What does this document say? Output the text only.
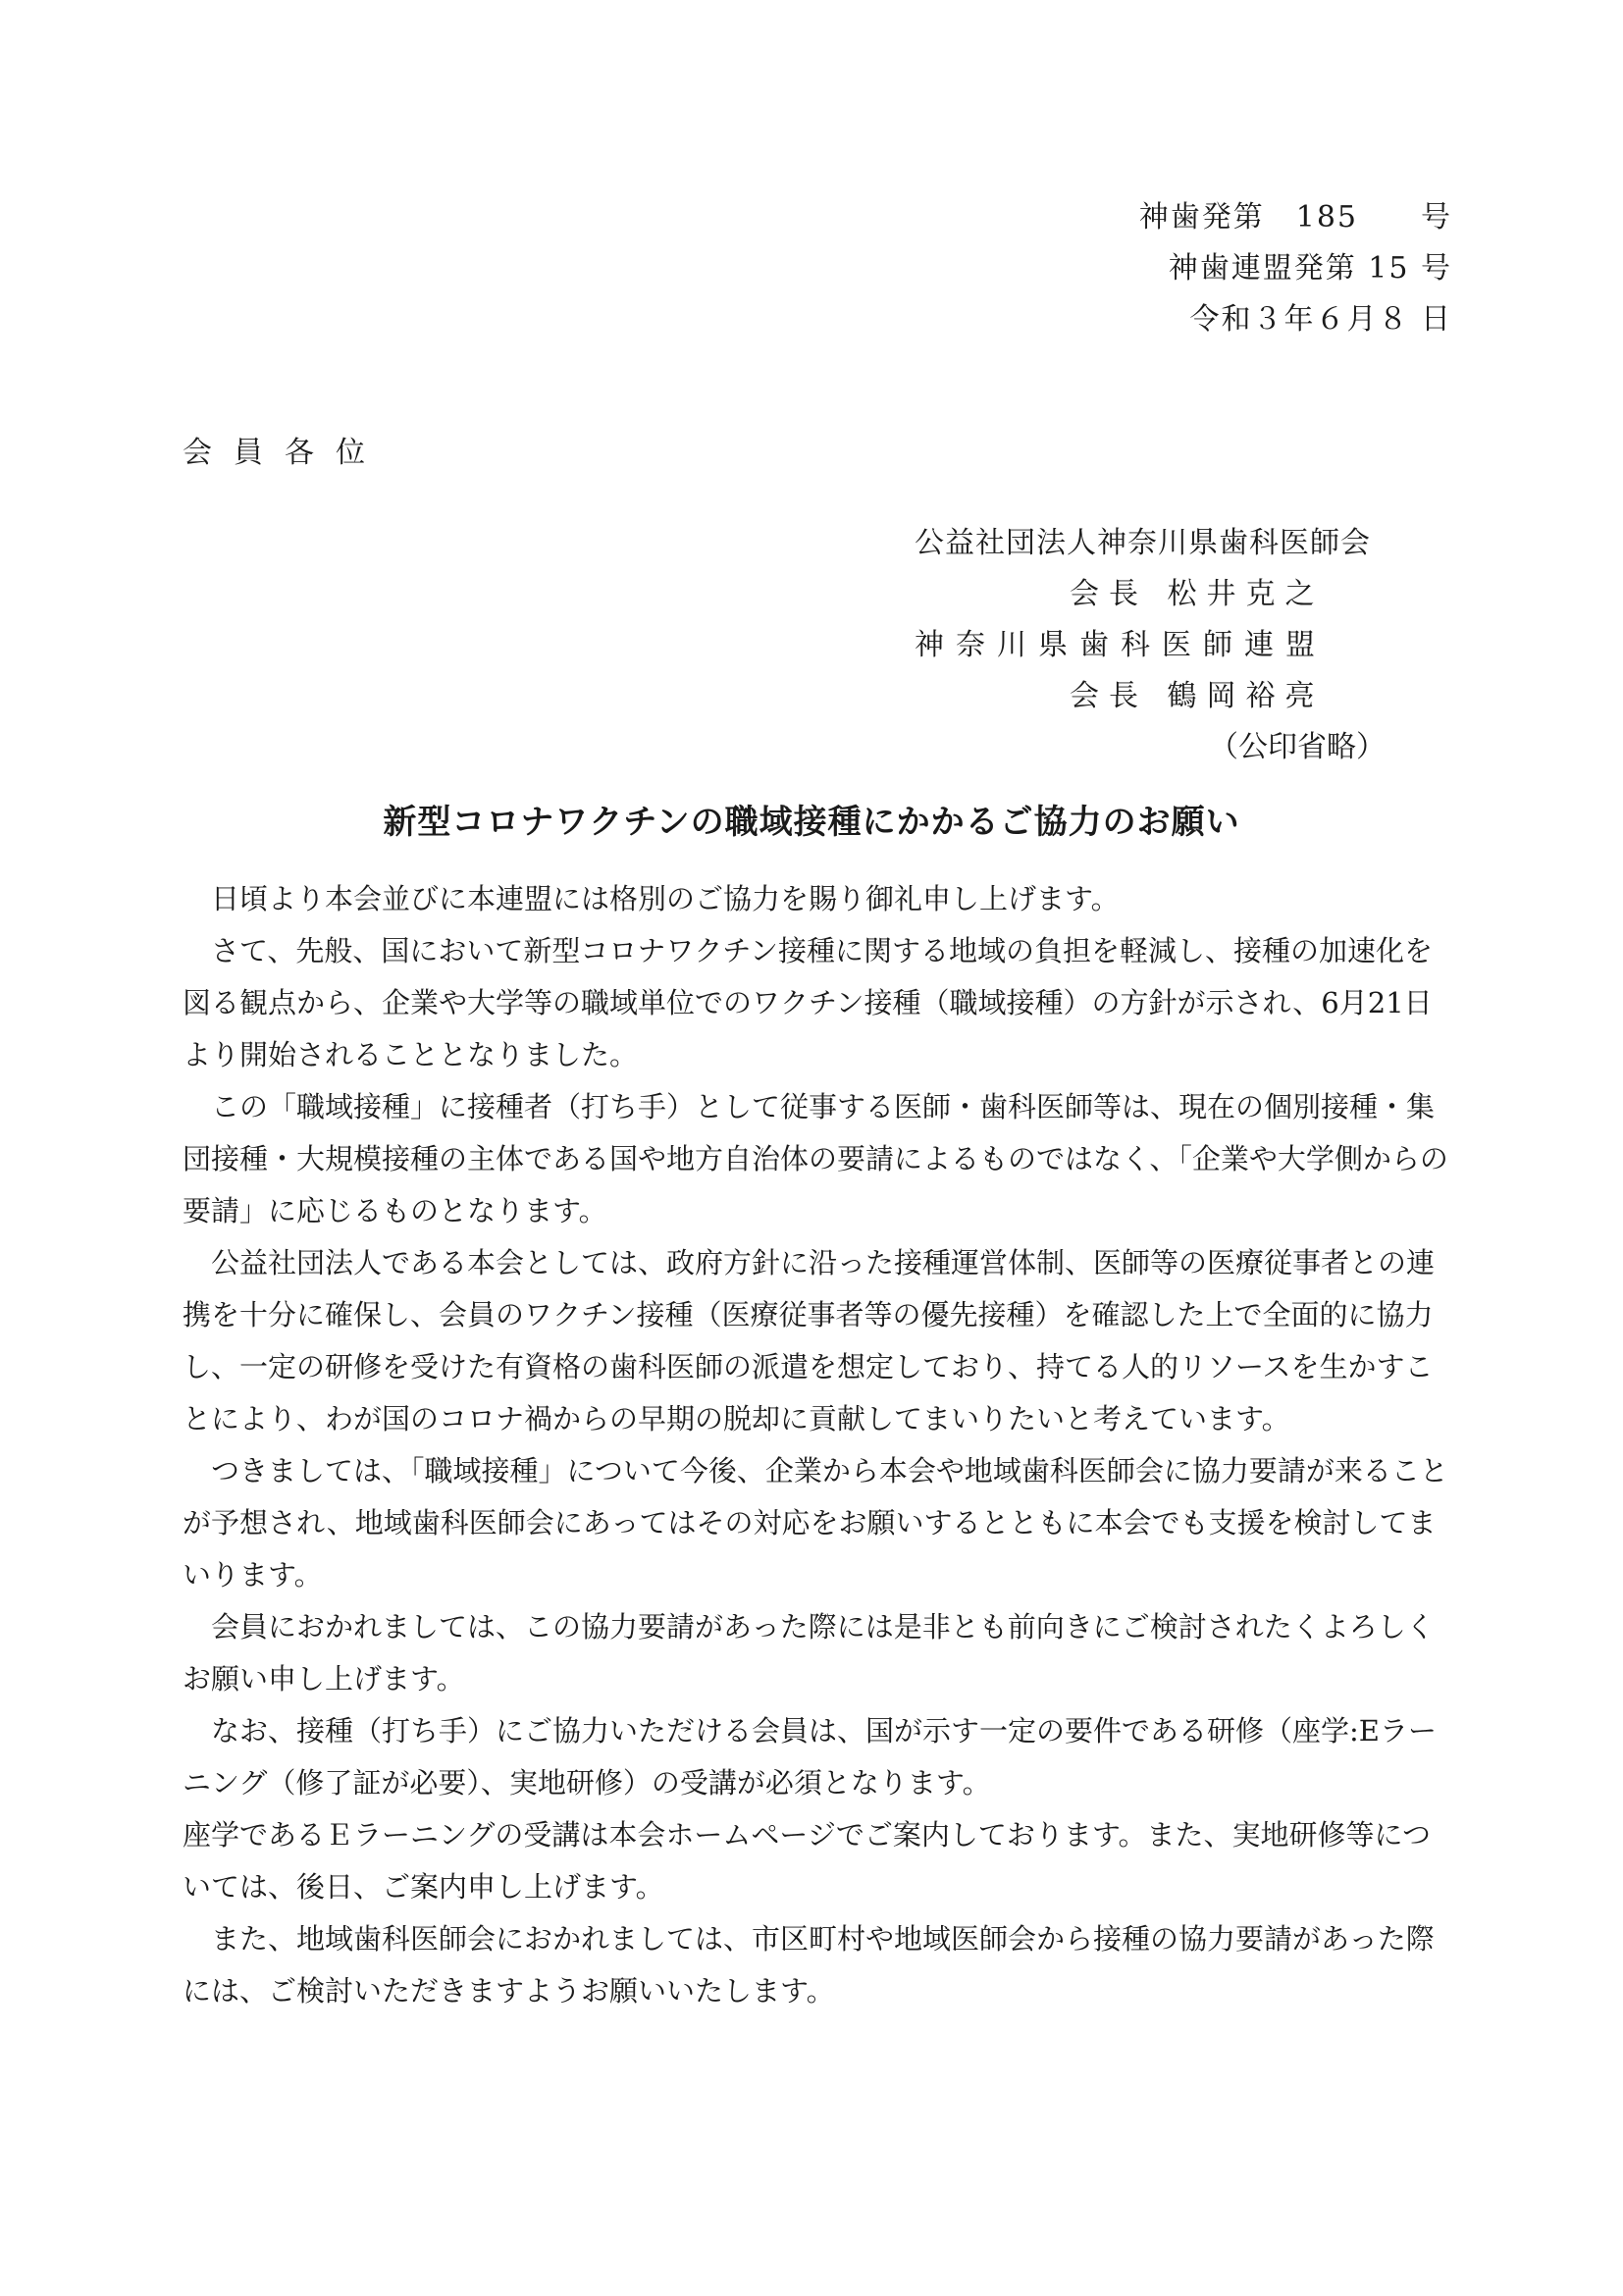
神歯発第　185　　号
神歯連盟発第 15 号
令和３年６月８ 日
会員各位
公益社団法人神奈川県歯科医師会
会長 松井克之
神奈川県歯科医師連盟
会長 鶴岡裕亮
（公印省略）
新型コロナワクチンの職域接種にかかるご協力のお願い

日頃より本会並びに本連盟には格別のご協力を賜り御礼申し上げます。

さて、先般、国において新型コロナワクチン接種に関する地域の負担を軽減し、接種の加速化を図る観点から、企業や大学等の職域単位でのワクチン接種（職域接種）の方針が示され、6月21日より開始されることとなりました。

この「職域接種」に接種者（打ち手）として従事する医師・歯科医師等は、現在の個別接種・集団接種・大規模接種の主体である国や地方自治体の要請によるものではなく、「企業や大学側からの要請」に応じるものとなります。

公益社団法人である本会としては、政府方針に沿った接種運営体制、医師等の医療従事者との連携を十分に確保し、会員のワクチン接種（医療従事者等の優先接種）を確認した上で全面的に協力し、一定の研修を受けた有資格の歯科医師の派遣を想定しており、持てる人的リソースを生かすことにより、わが国のコロナ禍からの早期の脱却に貢献してまいりたいと考えています。

つきましては、「職域接種」について今後、企業から本会や地域歯科医師会に協力要請が来ることが予想され、地域歯科医師会にあってはその対応をお願いするとともに本会でも支援を検討してまいります。

会員におかれましては、この協力要請があった際には是非とも前向きにご検討されたくよろしくお願い申し上げます。

なお、接種（打ち手）にご協力いただける会員は、国が示す一定の要件である研修（座学:Eラーニング（修了証が必要）、実地研修）の受講が必須となります。

座学であるＥラーニングの受講は本会ホームページでご案内しております。また、実地研修等については、後日、ご案内申し上げます。

また、地域歯科医師会におかれましては、市区町村や地域医師会から接種の協力要請があった際には、ご検討いただきますようお願いいたします。
